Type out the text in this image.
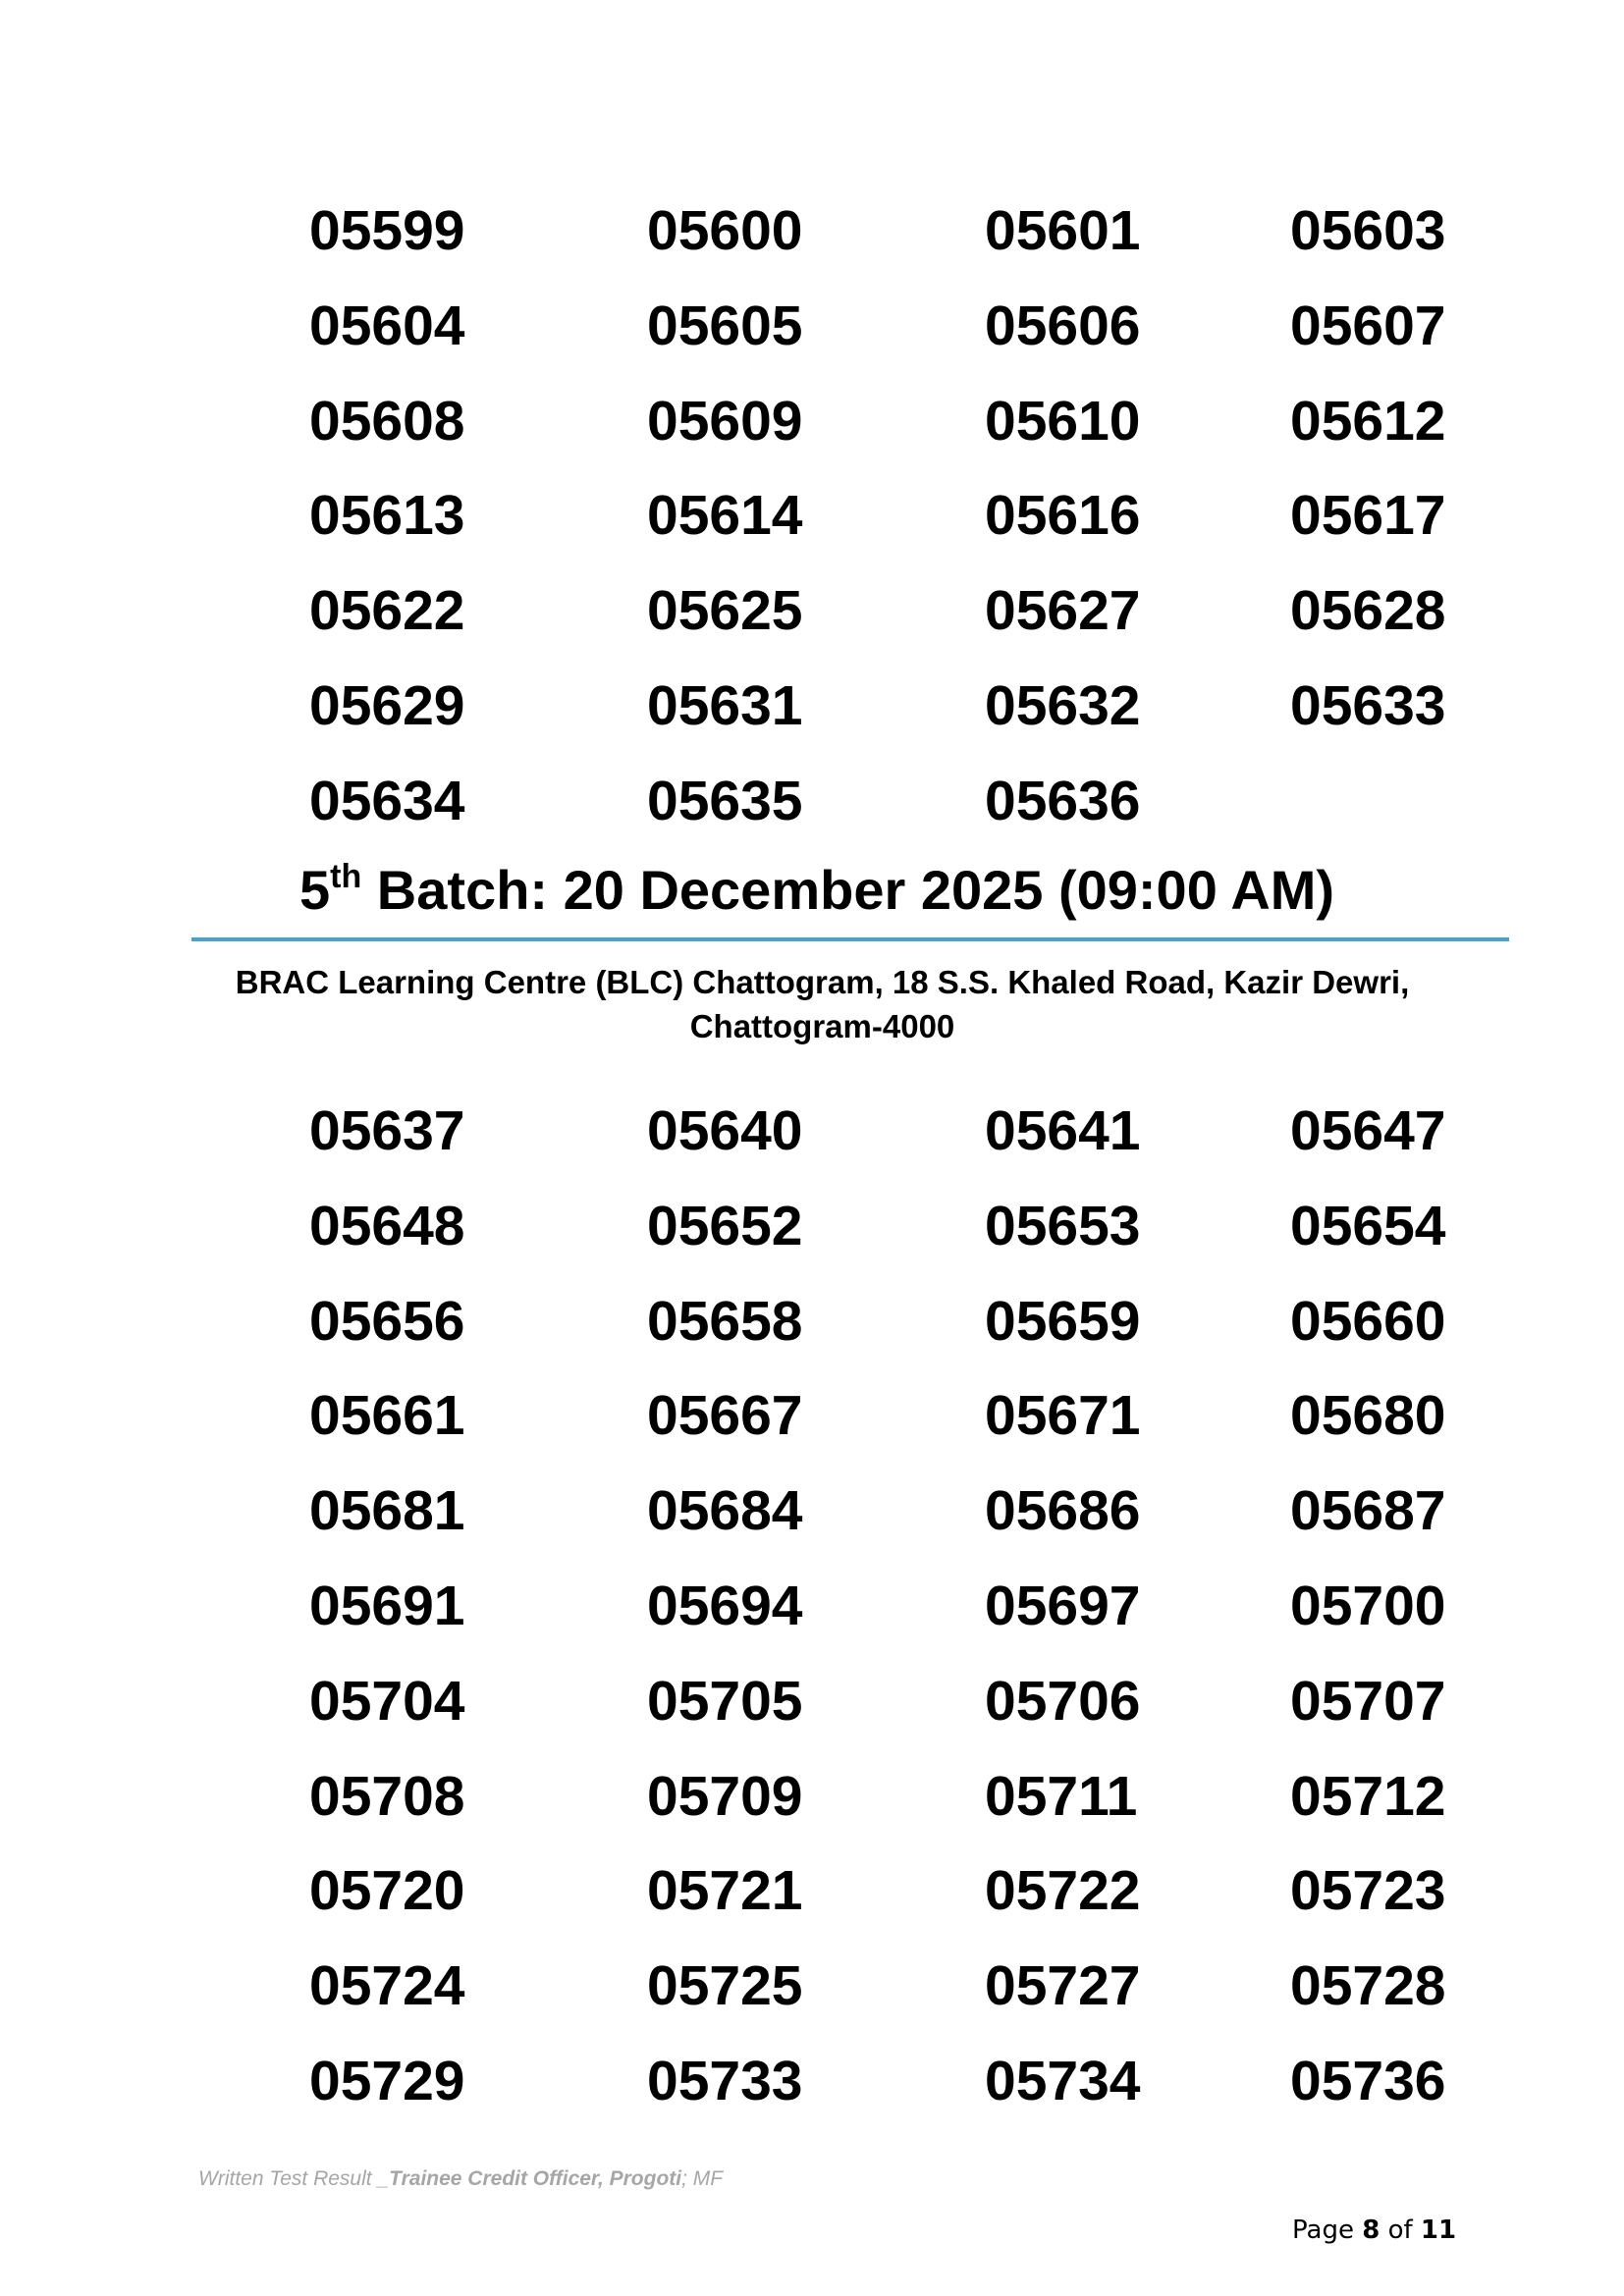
05599	05600	05601	05603
05604	05605	05606	05607
05608	05609	05610	05612
05613	05614	05616	05617
05622	05625	05627	05628
05629	05631	05632	05633
05634	05635	05636
5th Batch: 20 December 2025 (09:00 AM)
BRAC Learning Centre (BLC) Chattogram, 18 S.S. Khaled Road, Kazir Dewri,
Chattogram-4000
05637	05640	05641	05647
05648	05652	05653	05654
05656	05658	05659	05660
05661	05667	05671	05680
05681	05684	05686	05687
05691	05694	05697	05700
05704	05705	05706	05707
05708	05709	05711	05712
05720	05721	05722	05723
05724	05725	05727	05728
05729	05733	05734	05736
Written Test Result _Trainee Credit Officer, Progoti; MF
Page 8 of 11
